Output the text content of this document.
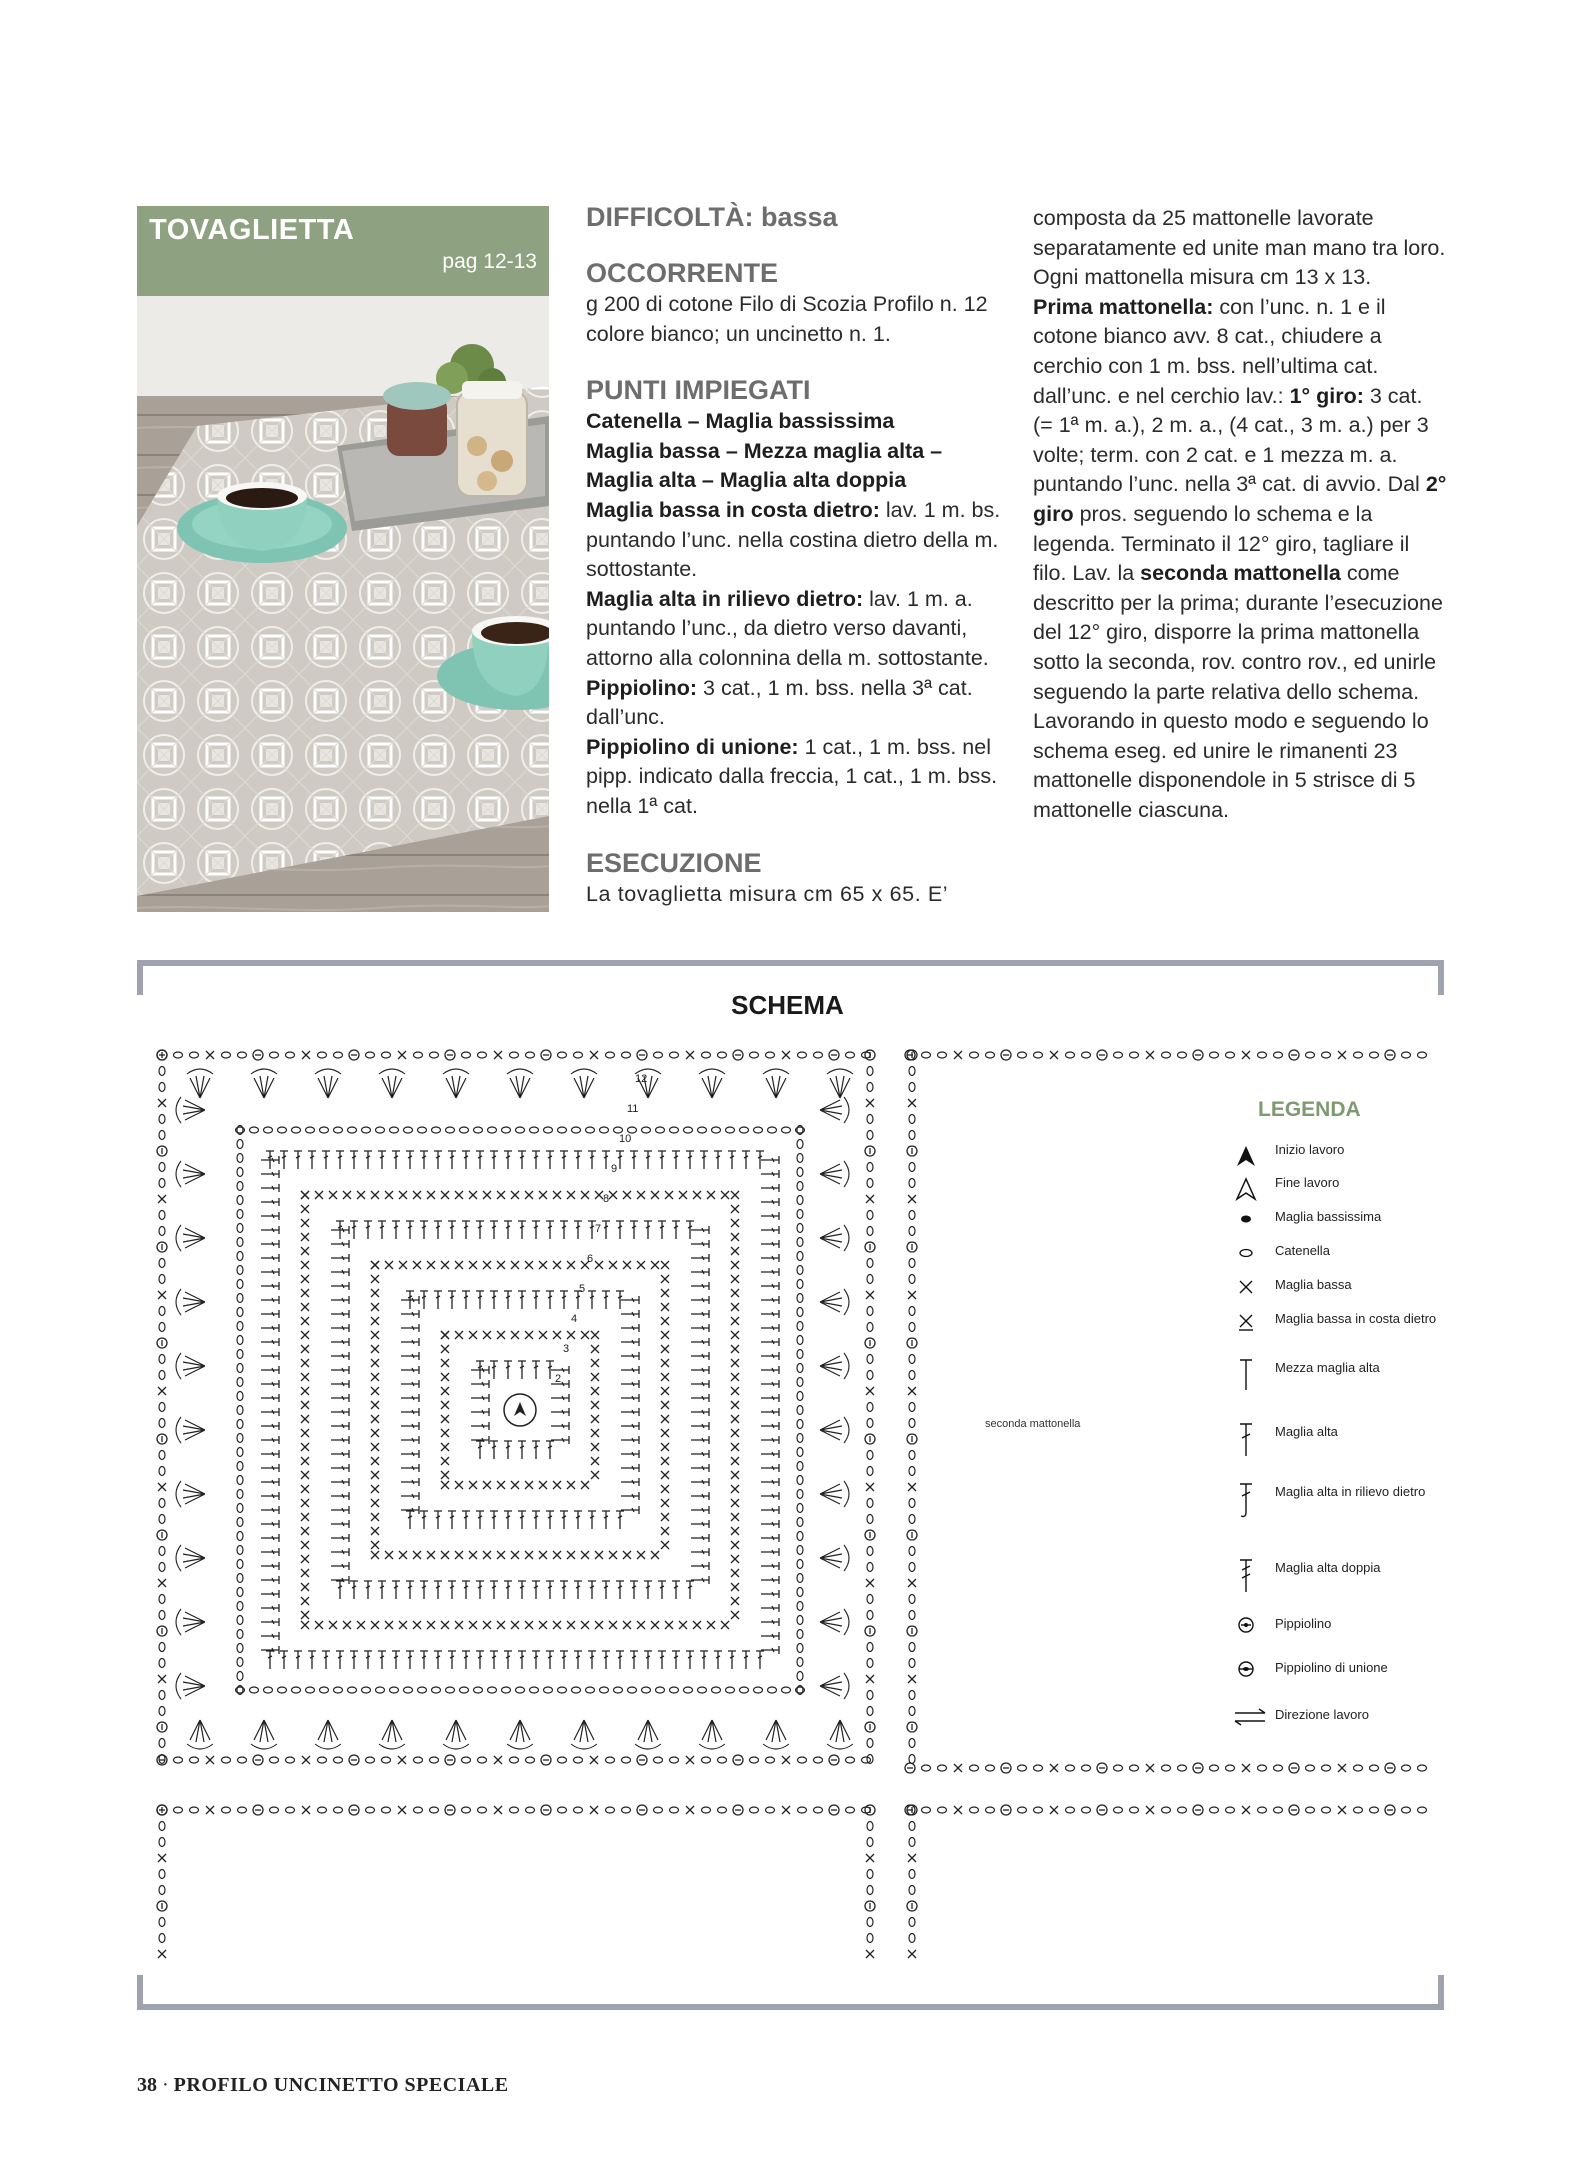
TOVAGLIETTA
pag 12-13

DIFFICOLTÀ: bassa

OCCORRENTE

g 200 di cotone Filo di Scozia Profilo n. 12 colore bianco; un uncinetto n. 1.

PUNTI IMPIEGATI

Catenella – Maglia bassissima

Maglia bassa – Mezza maglia alta – Maglia alta – Maglia alta doppia

Maglia bassa in costa dietro: lav. 1 m. bs. puntando l’unc. nella costina dietro della m. sottostante.

Maglia alta in rilievo dietro: lav. 1 m. a. puntando l’unc., da dietro verso davanti, attorno alla colonnina della m. sottostante.

Pippiolino: 3 cat., 1 m. bss. nella 3ª cat. dall’unc.

Pippiolino di unione: 1 cat., 1 m. bss. nel pipp. indicato dalla freccia, 1 cat., 1 m. bss. nella 1ª cat.

ESECUZIONE

La tovaglietta misura cm 65 x 65. E’

composta da 25 mattonelle lavorate separatamente ed unite man mano tra loro. Ogni mattonella misura cm 13 x 13.

Prima mattonella: con l’unc. n. 1 e il cotone bianco avv. 8 cat., chiudere a cerchio con 1 m. bss. nell’ultima cat. dall’unc. e nel cerchio lav.: 1° giro: 3 cat. (= 1ª m. a.), 2 m. a., (4 cat., 3 m. a.) per 3 volte; term. con 2 cat. e 1 mezza m. a. puntando l’unc. nella 3ª cat. di avvio. Dal 2° giro pros. seguendo lo schema e la legenda. Terminato il 12° giro, tagliare il filo. Lav. la seconda mattonella come descritto per la prima; durante l’esecuzione del 12° giro, disporre la prima mattonella sotto la seconda, rov. contro rov., ed unirle seguendo la parte relativa dello schema. Lavorando in questo modo e seguendo lo schema eseg. ed unire le rimanenti 23 mattonelle disponendole in 5 strisce di 5 mattonelle ciascuna.

SCHEMA
2
3
4
5
6
7
8
9
10
11
12
seconda mattonella
LEGENDA
Inizio lavoro
Fine lavoro
Maglia bassissima
Catenella
Maglia bassa
Maglia bassa in costa dietro
Mezza maglia alta
Maglia alta
Maglia alta in rilievo dietro
Maglia alta doppia
Pippiolino
Pippiolino di unione
Direzione lavoro
38 · PROFILO UNCINETTO SPECIALE
